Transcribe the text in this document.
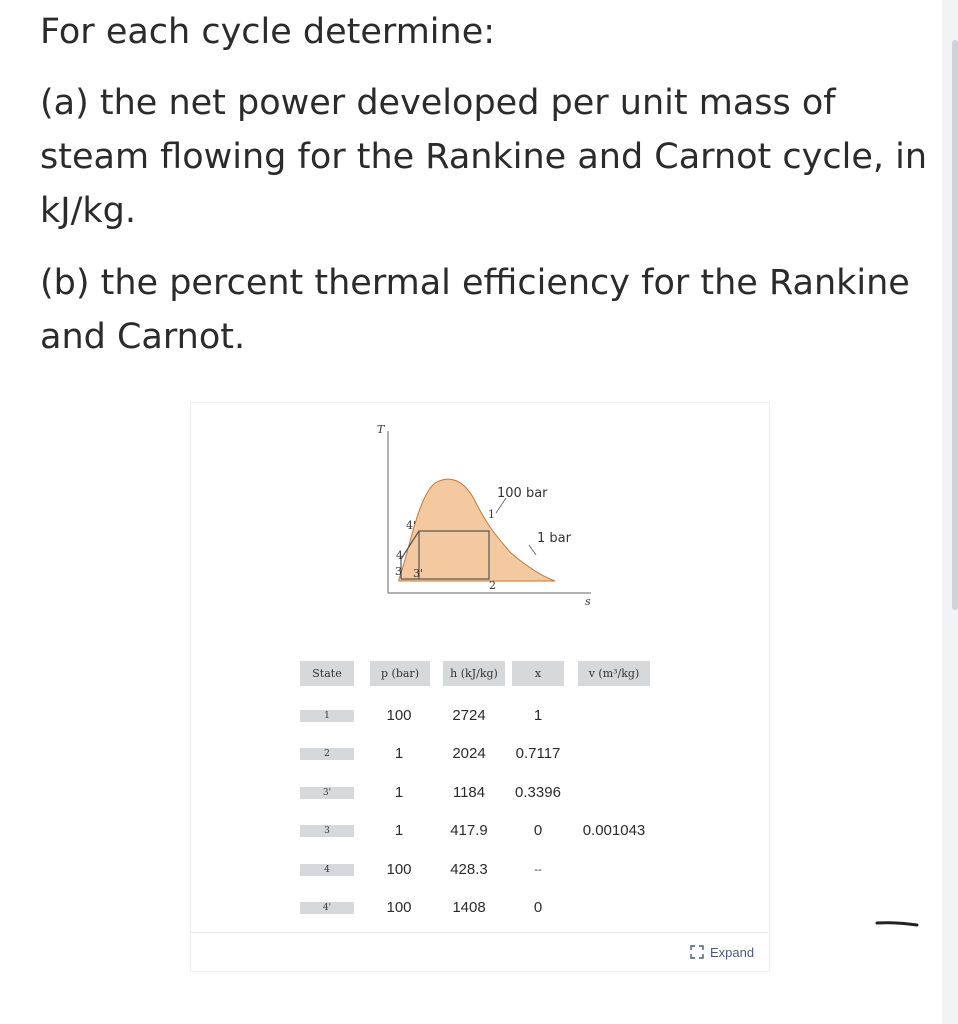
For each cycle determine:

(a) the net power developed per unit mass of steam flowing for the Rankine and Carnot cycle, in kJ/kg.

(b) the percent thermal efficiency for the Rankine and Carnot.

T
s
100 bar
1 bar
1
2
3 3'
4
4'
State	p (bar)	h (kJ/kg)	x	v (m³/kg)
1	100	2724	1
2	1	2024	0.7117
3'	1	1184	0.3396
3	1	417.9	0	0.001043
4	100	428.3	--
4'	100	1408	0
Expand
